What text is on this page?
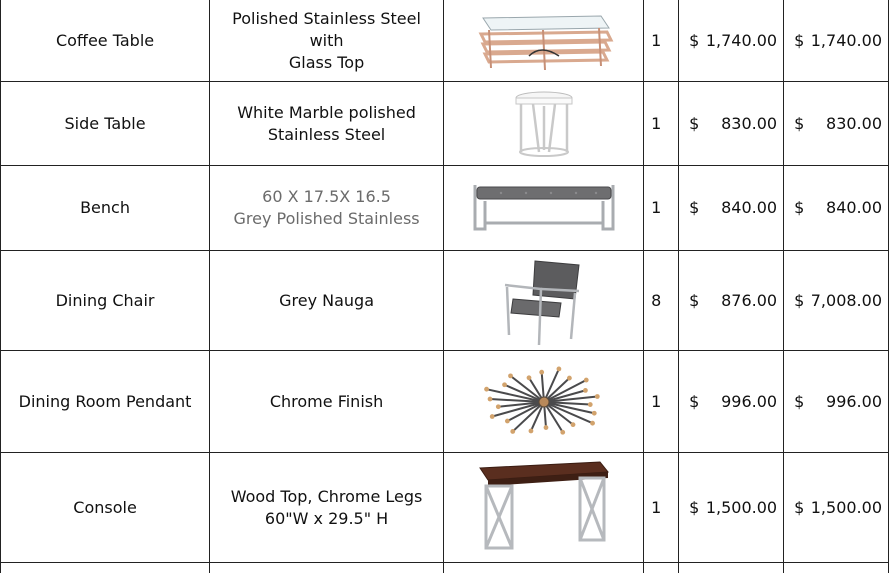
Coffee Table	Polished Stainless Steel with
Glass Top		1	$ 1,740.00	$ 1,740.00

Side Table	White Marble polished
Stainless Steel		1	$ 830.00	$ 830.00

Bench	60 X 17.5X 16.5
Grey Polished Stainless		1	$ 840.00	$ 840.00

Dining Chair	Grey Nauga		8	$ 876.00	$ 7,008.00

Dining Room Pendant	Chrome Finish		1	$ 996.00	$ 996.00

Console	Wood Top, Chrome Legs
60"W x 29.5" H		1	$ 1,500.00	$ 1,500.00
